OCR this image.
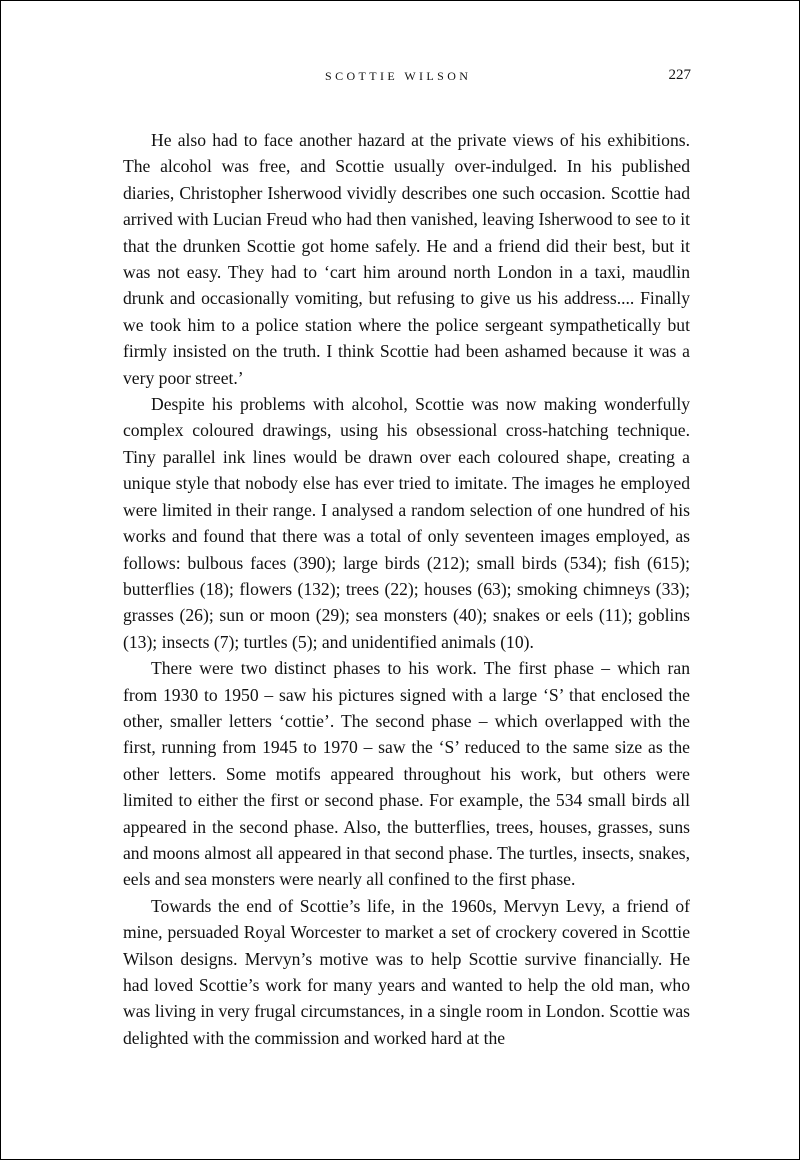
SCOTTIE WILSON	227

He also had to face another hazard at the private views of his exhibitions. The alcohol was free, and Scottie usually over-indulged. In his published diaries, Christopher Isherwood vividly describes one such occasion. Scottie had arrived with Lucian Freud who had then vanished, leaving Isherwood to see to it that the drunken Scottie got home safely. He and a friend did their best, but it was not easy. They had to ‘cart him around north London in a taxi, maudlin drunk and occasionally vomiting, but refusing to give us his address.... Finally we took him to a police station where the police sergeant sympathetically but firmly insisted on the truth. I think Scottie had been ashamed because it was a very poor street.’

Despite his problems with alcohol, Scottie was now making wonderfully complex coloured drawings, using his obsessional cross-hatching technique. Tiny parallel ink lines would be drawn over each coloured shape, creating a unique style that nobody else has ever tried to imitate. The images he employed were limited in their range. I analysed a random selection of one hundred of his works and found that there was a total of only seventeen images employed, as follows: bulbous faces (390); large birds (212); small birds (534); fish (615); butterflies (18); flowers (132); trees (22); houses (63); smoking chimneys (33); grasses (26); sun or moon (29); sea monsters (40); snakes or eels (11); goblins (13); insects (7); turtles (5); and unidentified animals (10).

There were two distinct phases to his work. The first phase – which ran from 1930 to 1950 – saw his pictures signed with a large ‘S’ that enclosed the other, smaller letters ‘cottie’. The second phase – which overlapped with the first, running from 1945 to 1970 – saw the ‘S’ reduced to the same size as the other letters. Some motifs appeared throughout his work, but others were limited to either the first or second phase. For example, the 534 small birds all appeared in the second phase. Also, the butterflies, trees, houses, grasses, suns and moons almost all appeared in that second phase. The turtles, insects, snakes, eels and sea monsters were nearly all confined to the first phase.

Towards the end of Scottie’s life, in the 1960s, Mervyn Levy, a friend of mine, persuaded Royal Worcester to market a set of crockery covered in Scottie Wilson designs. Mervyn’s motive was to help Scottie survive financially. He had loved Scottie’s work for many years and wanted to help the old man, who was living in very frugal circumstances, in a single room in London. Scottie was delighted with the commission and worked hard at the
